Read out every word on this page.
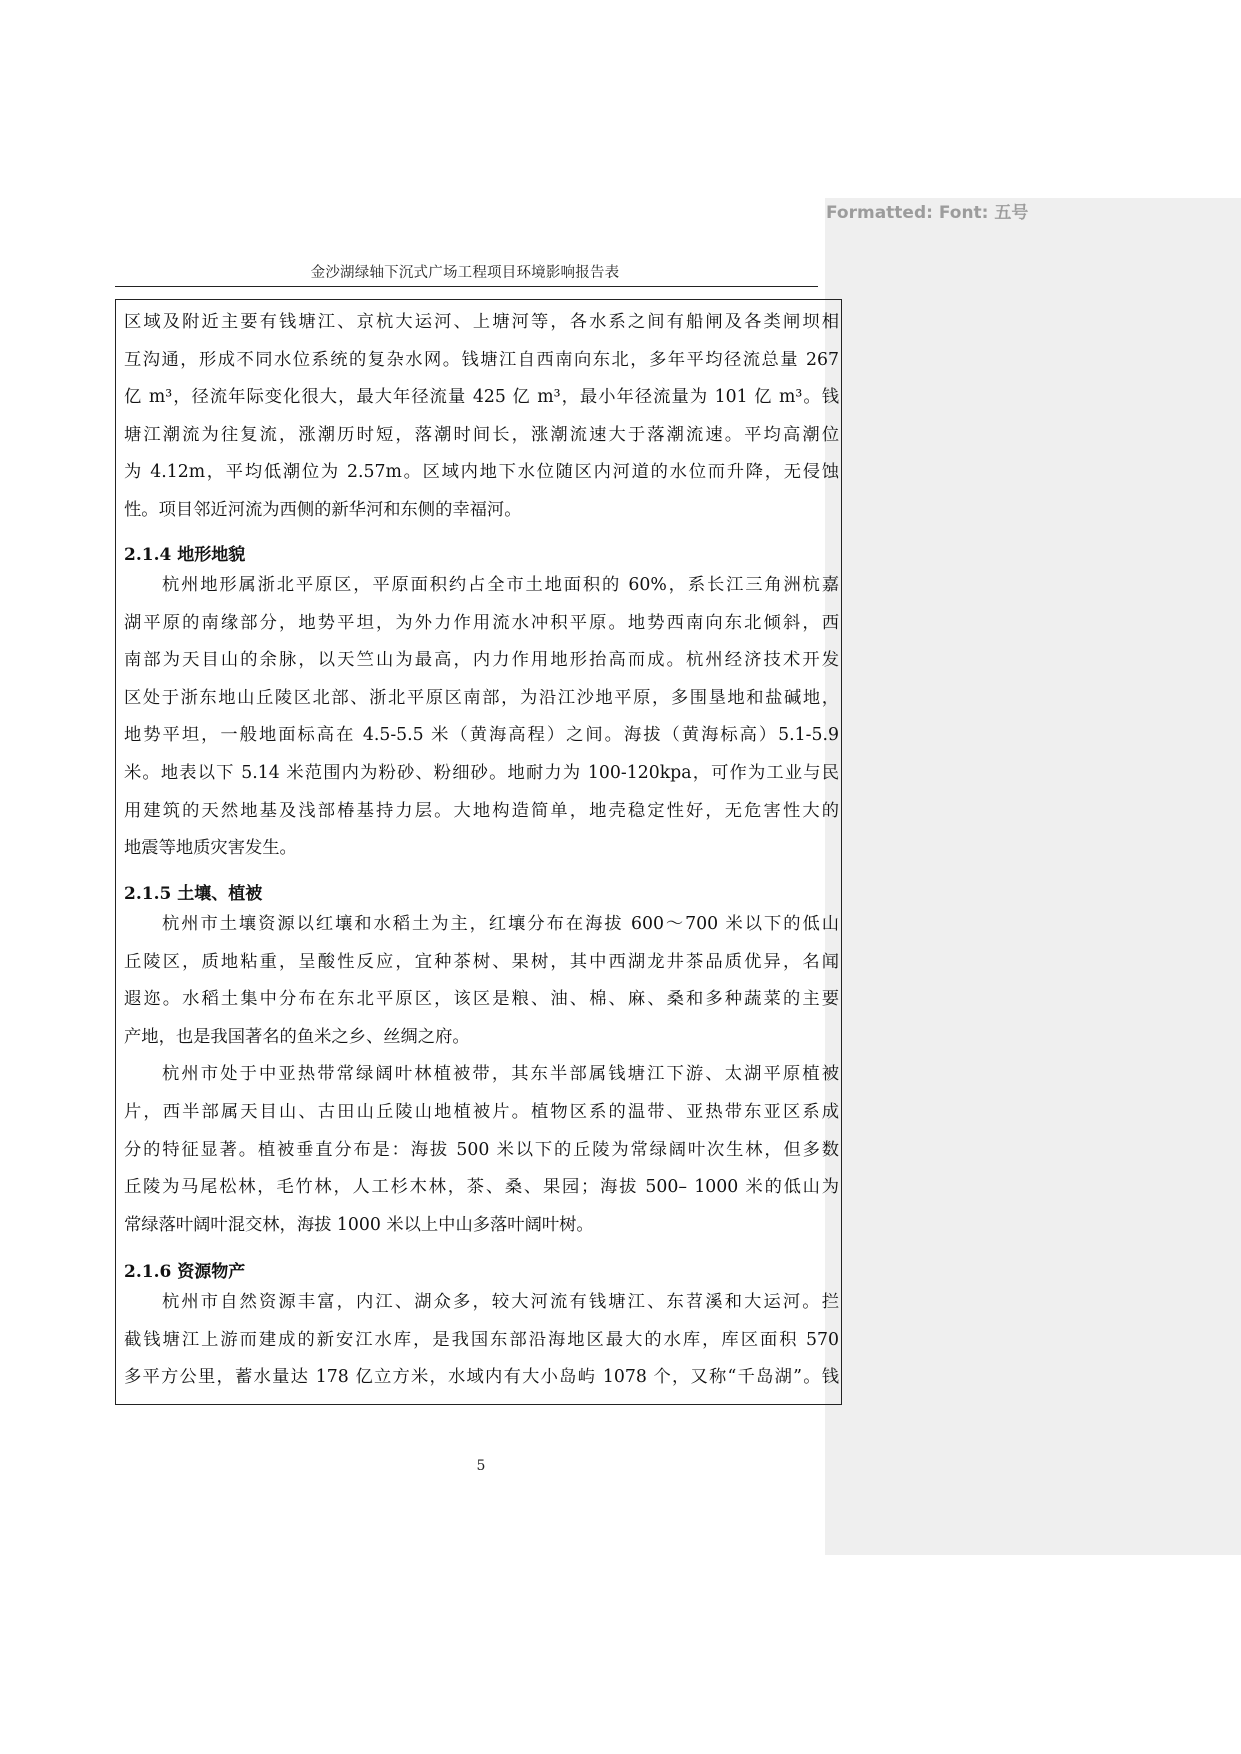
Formatted: Font: 五号
金沙湖绿轴下沉式广场工程项目环境影响报告表
区域及附近主要有钱塘江、京杭大运河、上塘河等，各水系之间有船闸及各类闸坝相
互沟通，形成不同水位系统的复杂水网。钱塘江自西南向东北，多年平均径流总量 267
亿 m³，径流年际变化很大，最大年径流量 425 亿 m³，最小年径流量为 101 亿 m³。钱
塘江潮流为往复流，涨潮历时短，落潮时间长，涨潮流速大于落潮流速。平均高潮位
为 4.12m，平均低潮位为 2.57m。区域内地下水位随区内河道的水位而升降，无侵蚀
性。项目邻近河流为西侧的新华河和东侧的幸福河。
2.1.4 地形地貌
杭州地形属浙北平原区，平原面积约占全市土地面积的 60%，系长江三角洲杭嘉
湖平原的南缘部分，地势平坦，为外力作用流水冲积平原。地势西南向东北倾斜，西
南部为天目山的余脉，以天竺山为最高，内力作用地形抬高而成。杭州经济技术开发
区处于浙东地山丘陵区北部、浙北平原区南部，为沿江沙地平原，多围垦地和盐碱地，
地势平坦，一般地面标高在 4.5-5.5 米（黄海高程）之间。海拔（黄海标高）5.1-5.9
米。地表以下 5.14 米范围内为粉砂、粉细砂。地耐力为 100-120kpa，可作为工业与民
用建筑的天然地基及浅部椿基持力层。大地构造简单，地壳稳定性好，无危害性大的
地震等地质灾害发生。
2.1.5 土壤、植被
杭州市土壤资源以红壤和水稻土为主，红壤分布在海拔 600～700 米以下的低山
丘陵区，质地粘重，呈酸性反应，宜种茶树、果树，其中西湖龙井茶品质优异，名闻
遐迩。水稻土集中分布在东北平原区，该区是粮、油、棉、麻、桑和多种蔬菜的主要
产地，也是我国著名的鱼米之乡、丝绸之府。
杭州市处于中亚热带常绿阔叶林植被带，其东半部属钱塘江下游、太湖平原植被
片，西半部属天目山、古田山丘陵山地植被片。植物区系的温带、亚热带东亚区系成
分的特征显著。植被垂直分布是：海拔 500 米以下的丘陵为常绿阔叶次生林，但多数
丘陵为马尾松林，毛竹林，人工杉木林，茶、桑、果园；海拔 500– 1000 米的低山为
常绿落叶阔叶混交林，海拔 1000 米以上中山多落叶阔叶树。
2.1.6 资源物产
杭州市自然资源丰富，内江、湖众多，较大河流有钱塘江、东苕溪和大运河。拦
截钱塘江上游而建成的新安江水库，是我国东部沿海地区最大的水库，库区面积 570
多平方公里，蓄水量达 178 亿立方米，水域内有大小岛屿 1078 个，又称“千岛湖”。钱
5
